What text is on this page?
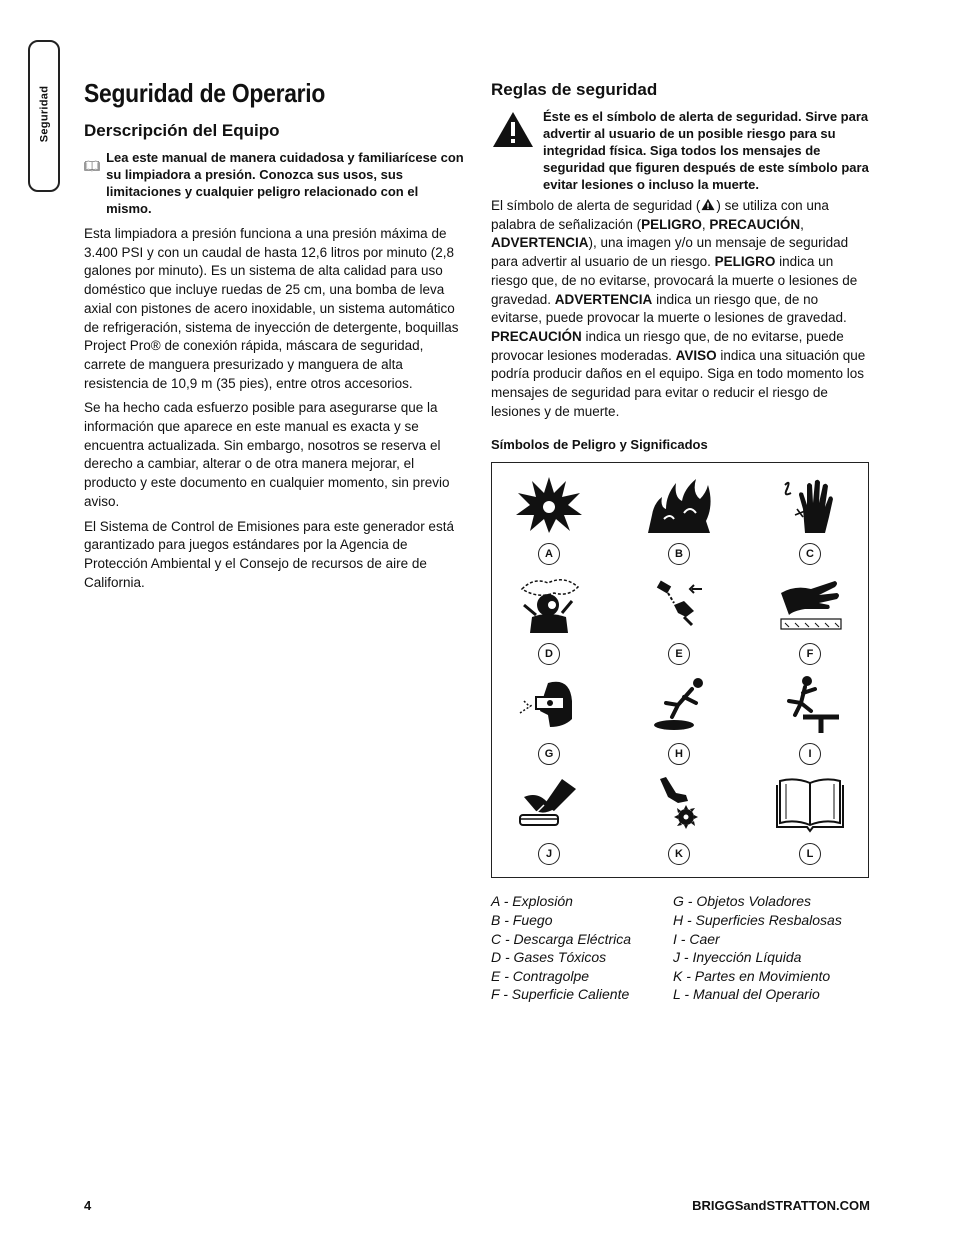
Seguridad Seguridad de Operario
Derscripción del Equipo
Lea este manual de manera cuidadosa y familiarícese con su limpiadora a presión. Conozca sus usos, sus limitaciones y cualquier peligro relacionado con el mismo.

Esta limpiadora a presión funciona a una presión máxima de 3.400 PSI y con un caudal de hasta 12,6 litros por minuto (2,8 galones por minuto). Es un sistema de alta calidad para uso doméstico que incluye ruedas de 25 cm, una bomba de leva axial con pistones de acero inoxidable, un sistema automático de refrigeración, sistema de inyección de detergente, boquillas Project Pro® de conexión rápida, máscara de seguridad, carrete de manguera presurizado y manguera de alta resistencia de 10,9 m (35 pies), entre otros accesorios.

Se ha hecho cada esfuerzo posible para asegurarse que la información que aparece en este manual es exacta y se encuentra actualizada. Sin embargo, nosotros se reserva el derecho a cambiar, alterar o de otra manera mejorar, el producto y este documento en cualquier momento, sin previo aviso.

El Sistema de Control de Emisiones para este generador está garantizado para juegos estándares por la Agencia de Protección Ambiental y el Consejo de recursos de aire de California.

Reglas de seguridad
Éste es el símbolo de alerta de seguridad. Sirve para advertir al usuario de un posible riesgo para su integridad física. Siga todos los mensajes de seguridad que figuren después de este símbolo para evitar lesiones o incluso la muerte.

El símbolo de alerta de seguridad ( ) se utiliza con una palabra de señalización (PELIGRO, PRECAUCIÓN, ADVERTENCIA), una imagen y/o un mensaje de seguridad para advertir al usuario de un riesgo. PELIGRO indica un riesgo que, de no evitarse, provocará la muerte o lesiones de gravedad. ADVERTENCIA indica un riesgo que, de no evitarse, puede provocar la muerte o lesiones de gravedad. PRECAUCIÓN indica un riesgo que, de no evitarse, puede provocar lesiones moderadas. AVISO indica una situación que podría producir daños en el equipo. Siga en todo momento los mensajes de seguridad para evitar o reducir el riesgo de lesiones y de muerte.

Símbolos de Peligro y Significados
A	B	C
D	E	F
G	H	I
J	K	L
A - Explosión
B - Fuego
C - Descarga Eléctrica
D - Gases Tóxicos
E - Contragolpe
F - Superficie Caliente
G - Objetos Voladores
H - Superficies Resbalosas
I - Caer
J - Inyección Líquida
K - Partes en Movimiento
L - Manual del Operario
4	BRIGGSandSTRATTON.COM
